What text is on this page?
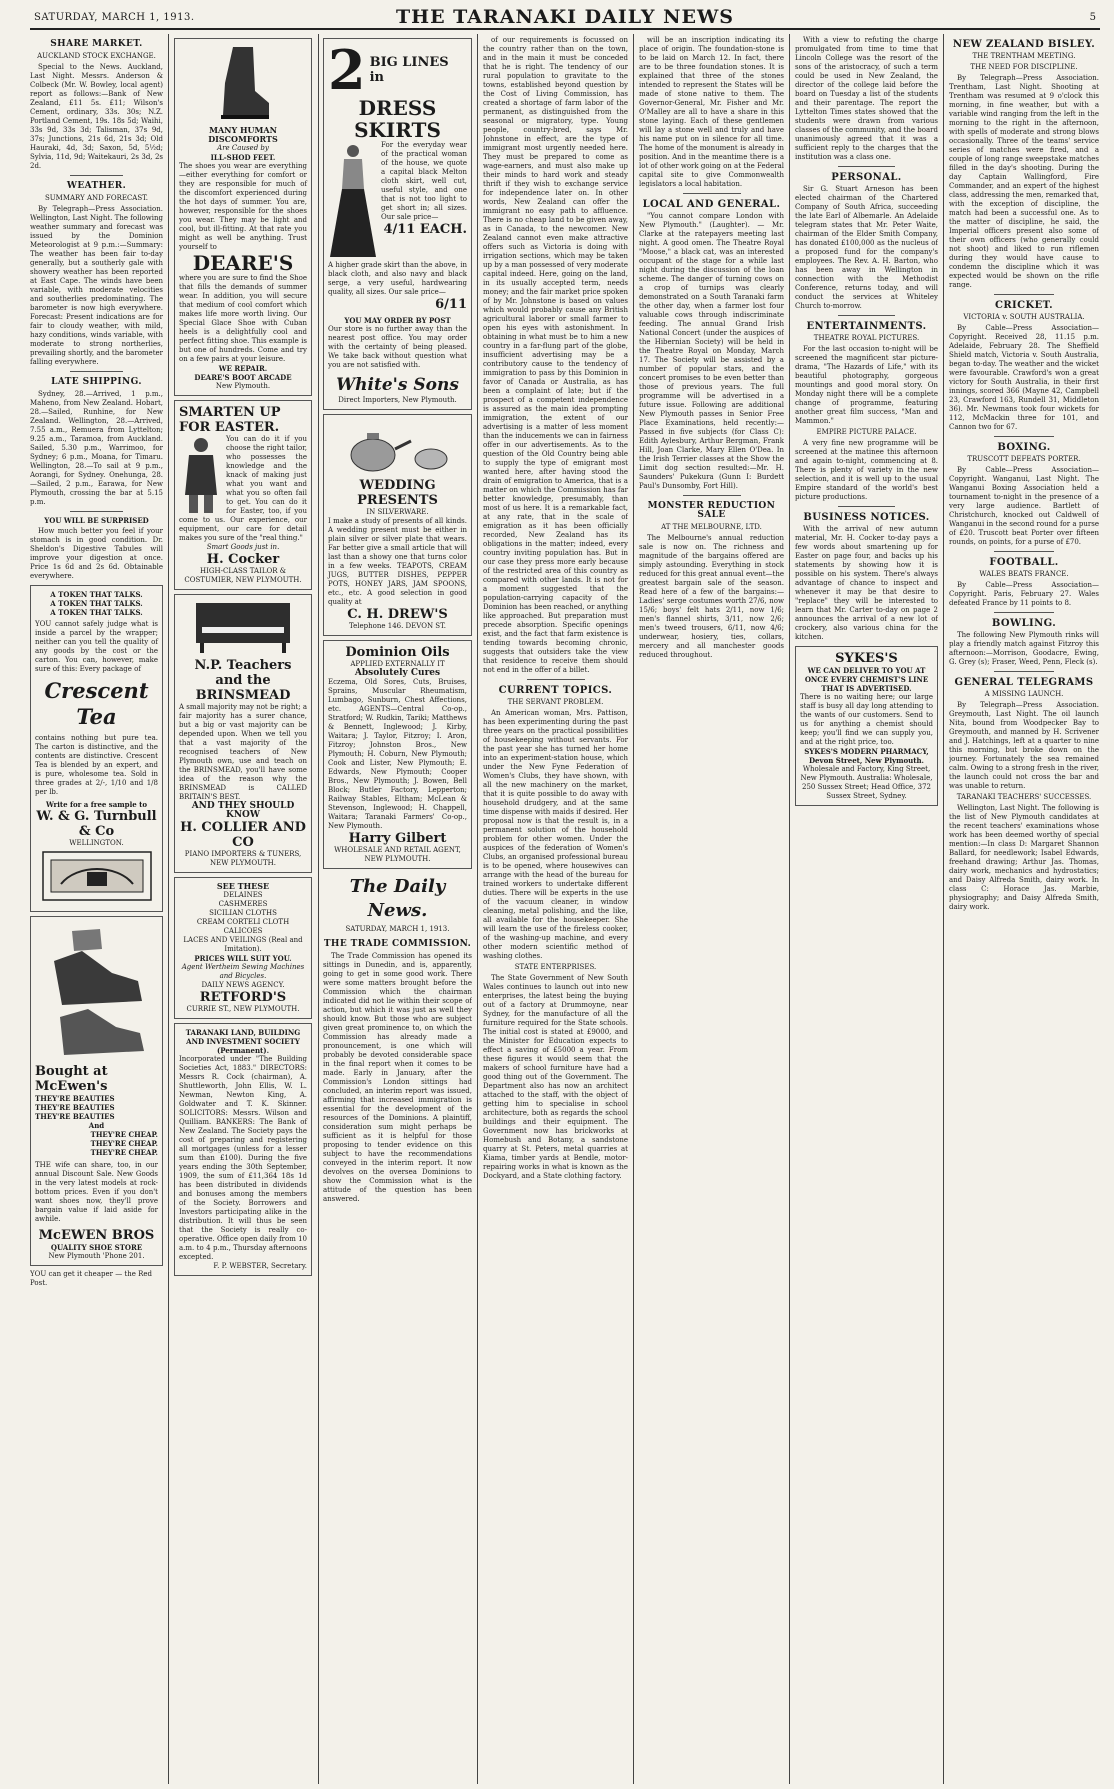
SATURDAY, MARCH 1, 1913.	THE TARANAKI DAILY NEWS	5
SHARE MARKET.
AUCKLAND STOCK EXCHANGE.
Special to the News. Auckland, Last Night. Messrs. Anderson & Colbeck (Mr. W. Bowley, local agent) report as follows:—Bank of New Zealand, £11 5s. £11; Wilson's Cement, ordinary, 33s. 30s; N.Z. Portland Cement, 19s. 18s 5d; Waihi, 33s 9d, 33s 3d; Talisman, 37s 9d, 37s; Junctions, 21s 6d, 21s 3d; Old Hauraki, 4d, 3d; Saxon, 5d, 5½d; Sylvia, 11d, 9d; Waitekauri, 2s 3d, 2s 2d.
WEATHER.
SUMMARY AND FORECAST.
By Telegraph—Press Association. Wellington, Last Night. The following weather summary and forecast was issued by the Dominion Meteorologist at 9 p.m.:—Summary: The weather has been fair to-day generally, but a southerly gale with showery weather has been reported at East Cape. The winds have been variable, with moderate velocities and southerlies predominating. The barometer is now high everywhere. Forecast: Present indications are for fair to cloudy weather, with mild, hazy conditions, winds variable, with moderate to strong northerlies, prevailing shortly, and the barometer falling everywhere.
LATE SHIPPING.
Sydney, 28.—Arrived, 1 p.m., Maheno, from New Zealand. Hobart, 28.—Sailed, Runhine, for New Zealand. Wellington, 28.—Arrived, 7.55 a.m., Remuera from Lyttelton; 9.25 a.m., Taramoa, from Auckland. Sailed, 5.30 p.m., Warrimoo, for Sydney; 6 p.m., Moana, for Timaru. Wellington, 28.—To sail at 9 p.m., Aorangi, for Sydney. Onehunga, 28.—Sailed, 2 p.m., Earawa, for New Plymouth, crossing the bar at 5.15 p.m.
YOU WILL BE SURPRISED
How much better you feel if your stomach is in good condition. Dr. Sheldon's Digestive Tabules will improve your digestion at once. Price 1s 6d and 2s 6d. Obtainable everywhere.
A TOKEN THAT TALKS.
A TOKEN THAT TALKS.
A TOKEN THAT TALKS.
YOU cannot safely judge what is inside a parcel by the wrapper; neither can you tell the quality of any goods by the cost or the carton. You can, however, make sure of this: Every package of
Crescent Tea
contains nothing but pure tea. The carton is distinctive, and the contents are distinctive. Crescent Tea is blended by an expert, and is pure, wholesome tea. Sold in three grades at 2/-, 1/10 and 1/8 per lb.
Write for a free sample to
W. & G. Turnbull & Co
WELLINGTON.
Bought at McEwen's
THEY'RE BEAUTIES
THEY'RE BEAUTIES
THEY'RE BEAUTIES
And
THEY'RE CHEAP.
THEY'RE CHEAP.
THEY'RE CHEAP.
THE wife can share, too, in our annual Discount Sale. New Goods in the very latest models at rock-bottom prices. Even if you don't want shoes now, they'll prove bargain value if laid aside for awhile.
McEWEN BROS
QUALITY SHOE STORE
New Plymouth 'Phone 201.
YOU can get it cheaper — the Red Post.
MANY HUMAN DISCOMFORTS
Are Caused by
ILL-SHOD FEET.
The shoes you wear are everything—either everything for comfort or they are responsible for much of the discomfort experienced during the hot days of summer. You are, however, responsible for the shoes you wear. They may be light and cool, but ill-fitting. At that rate you might as well be anything. Trust yourself to
DEARE'S
where you are sure to find the Shoe that fills the demands of summer wear. In addition, you will secure that medium of cool comfort which makes life more worth living. Our Special Glace Shoe with Cuban heels is a delightfully cool and perfect fitting shoe. This example is but one of hundreds. Come and try on a few pairs at your leisure.
WE REPAIR.
DEARE'S BOOT ARCADE
New Plymouth.
SMARTEN UP FOR EASTER.
You can do it if you choose the right tailor, who possesses the knowledge and the knack of making just what you want and what you so often fail to get. You can do it for Easter, too, if you come to us. Our experience, our equipment, our care for detail makes you sure of the "real thing."
Smart Goods just in.
H. Cocker
HIGH-CLASS TAILOR & COSTUMIER, NEW PLYMOUTH.
N.P. Teachers and the BRINSMEAD
A small majority may not be right; a fair majority has a surer chance, but a big or vast majority can be depended upon. When we tell you that a vast majority of the recognised teachers of New Plymouth own, use and teach on the BRINSMEAD, you'll have some idea of the reason why the BRINSMEAD is CALLED BRITAIN'S BEST.
AND THEY SHOULD KNOW
H. COLLIER AND CO
PIANO IMPORTERS & TUNERS, NEW PLYMOUTH.
SEE THESE
DELAINES
CASHMERES
SICILIAN CLOTHS
CREAM CORTELI CLOTH
CALICOES
LACES AND VEILINGS (Real and Imitation).
PRICES WILL SUIT YOU.
Agent Wertheim Sewing Machines and Bicycles.
DAILY NEWS AGENCY.
RETFORD'S
CURRIE ST., NEW PLYMOUTH.
TARANAKI LAND, BUILDING AND INVESTMENT SOCIETY (Permanent).
Incorporated under "The Building Societies Act, 1883." DIRECTORS: Messrs R. Cock (chairman), A. Shuttleworth, John Ellis, W. L. Newman, Newton King, A. Goldwater and T. K. Skinner. SOLICITORS: Messrs. Wilson and Quilliam. BANKERS: The Bank of New Zealand. The Society pays the cost of preparing and registering all mortgages (unless for a lesser sum than £100). During the five years ending the 30th September, 1909, the sum of £11,364 18s 1d has been distributed in dividends and bonuses among the members of the Society. Borrowers and Investors participating alike in the distribution. It will thus be seen that the Society is really co-operative. Office open daily from 10 a.m. to 4 p.m., Thursday afternoons excepted.
F. P. WEBSTER, Secretary.
2 BIG LINES in
DRESS SKIRTS
For the everyday wear of the practical woman of the house, we quote a capital black Melton cloth skirt, well cut, useful style, and one that is not too light to get short in; all sizes. Our sale price—
4/11 EACH.
A higher grade skirt than the above, in black cloth, and also navy and black serge, a very useful, hardwearing quality, all sizes. Our sale price—
6/11
YOU MAY ORDER BY POST
Our store is no further away than the nearest post office. You may order with the certainty of being pleased. We take back without question what you are not satisfied with.
White's Sons
Direct Importers, New Plymouth.
WEDDING PRESENTS
IN SILVERWARE.
I make a study of presents of all kinds. A wedding present must be either in plain silver or silver plate that wears. Far better give a small article that will last than a showy one that turns color in a few weeks. TEAPOTS, CREAM JUGS, BUTTER DISHES, PEPPER POTS, HONEY JARS, JAM SPOONS, etc., etc. A good selection in good quality at
C. H. DREW'S
Telephone 146. DEVON ST.
Dominion Oils
APPLIED EXTERNALLY IT
Absolutely Cures
Eczema, Old Sores, Cuts, Bruises, Sprains, Muscular Rheumatism, Lumbago, Sunburn, Chest Affections, etc. AGENTS—Central Co-op., Stratford; W. Rudkin, Tariki; Matthews & Bennett, Inglewood; J. Kirby, Waitara; J. Taylor, Fitzroy; I. Aron, Fitzroy; Johnston Bros., New Plymouth; H. Coburn, New Plymouth; Cook and Lister, New Plymouth; E. Edwards, New Plymouth; Cooper Bros., New Plymouth; J. Bowen, Bell Block; Butler Factory, Lepperton; Railway Stables, Eltham; McLean & Stevenson, Inglewood; H. Chappell, Waitara; Taranaki Farmers' Co-op., New Plymouth.
Harry Gilbert
WHOLESALE AND RETAIL AGENT, NEW PLYMOUTH.
The Daily News.
SATURDAY, MARCH 1, 1913.
THE TRADE COMMISSION.
The Trade Commission has opened its sittings in Dunedin, and is, apparently, going to get in some good work. There were some matters brought before the Commission which the chairman indicated did not lie within their scope of action, but which it was just as well they should know. But those who are subject given great prominence to, on which the Commission has already made a pronouncement, is one which will probably be devoted considerable space in the final report when it comes to be made. Early in January, after the Commission's London sittings had concluded, an interim report was issued, affirming that increased immigration is essential for the development of the resources of the Dominions. A plaintiff, consideration sum might perhaps be sufficient as it is helpful for those proposing to tender evidence on this subject to have the recommendations conveyed in the interim report. It now devolves on the oversea Dominions to show the Commission what is the attitude of the question has been answered.
of our requirements is focussed on the country rather than on the town, and in the main it must be conceded that he is right. The tendency of our rural population to gravitate to the towns, established beyond question by the Cost of Living Commission, has created a shortage of farm labor of the permanent, as distinguished from the seasonal or migratory, type. Young people, country-bred, says Mr. Johnstone in effect, are the type of immigrant most urgently needed here. They must be prepared to come as wage-earners, and must also make up their minds to hard work and steady thrift if they wish to exchange service for independence later on. In other words, New Zealand can offer the immigrant no easy path to affluence. There is no cheap land to be given away, as in Canada, to the newcomer. New Zealand cannot even make attractive offers such as Victoria is doing with irrigation sections, which may be taken up by a man possessed of very moderate capital indeed. Here, going on the land, in its usually accepted term, needs money; and the fair market price spoken of by Mr. Johnstone is based on values which would probably cause any British agricultural laborer or small farmer to open his eyes with astonishment. In obtaining in what must be to him a new country in a far-flung part of the globe, insufficient advertising may be a contributory cause to the tendency of immigration to pass by this Dominion in favor of Canada or Australia, as has been a complaint of late; but if the prospect of a competent independence is assured as the main idea prompting immigration, the extent of our advertising is a matter of less moment than the inducements we can in fairness offer in our advertisements. As to the question of the Old Country being able to supply the type of emigrant most wanted here, after having stood the drain of emigration to America, that is a matter on which the Commission has far better knowledge, presumably, than most of us here. It is a remarkable fact, at any rate, that in the scale of emigration as it has been officially recorded, New Zealand has its obligations in the matter; indeed, every country inviting population has. But in our case they press more early because of the restricted area of this country as compared with other lands. It is not for a moment suggested that the population-carrying capacity of the Dominion has been reached, or anything like approached. But preparation must precede absorption. Specific openings exist, and the fact that farm existence is tending towards becoming chronic, suggests that outsiders take the view that residence to receive them should not end in the offer of a billet.
CURRENT TOPICS.
THE SERVANT PROBLEM.
An American woman, Mrs. Pattison, has been experimenting during the past three years on the practical possibilities of housekeeping without servants. For the past year she has turned her home into an experiment-station house, which under the New Fyne Federation of Women's Clubs, they have shown, with all the new machinery on the market, that it is quite possible to do away with household drudgery, and at the same time dispense with maids if desired. Her proposal now is that the result is, in a permanent solution of the household problem for other women. Under the auspices of the federation of Women's Clubs, an organised professional bureau is to be opened, where housewives can arrange with the head of the bureau for trained workers to undertake different duties. There will be experts in the use of the vacuum cleaner, in window cleaning, metal polishing, and the like, all available for the housekeeper. She will learn the use of the fireless cooker, of the washing-up machine, and every other modern scientific method of washing clothes.
STATE ENTERPRISES.
The State Government of New South Wales continues to launch out into new enterprises, the latest being the buying out of a factory at Drummoyne, near Sydney, for the manufacture of all the furniture required for the State schools. The initial cost is stated at £9000, and the Minister for Education expects to effect a saving of £5000 a year. From these figures it would seem that the makers of school furniture have had a good thing out of the Government. The Department also has now an architect attached to the staff, with the object of getting him to specialise in school architecture, both as regards the school buildings and their equipment. The Government now has brickworks at Homebush and Botany, a sandstone quarry at St. Peters, metal quarries at Kiama, timber yards at Bendle, motor-repairing works in what is known as the Dockyard, and a State clothing factory.
will be an inscription indicating its place of origin. The foundation-stone is to be laid on March 12. In fact, there are to be three foundation stones. It is explained that three of the stones intended to represent the States will be made of stone native to them. The Governor-General, Mr. Fisher and Mr. O'Malley are all to have a share in this stone laying. Each of these gentlemen will lay a stone well and truly and have his name put on in silence for all time. The home of the monument is already in position. And in the meantime there is a lot of other work going on at the Federal capital site to give Commonwealth legislators a local habitation.
LOCAL AND GENERAL.
"You cannot compare London with New Plymouth." (Laughter). — Mr. Clarke at the ratepayers meeting last night. A good omen. The Theatre Royal "Moose," a black cat, was an interested occupant of the stage for a while last night during the discussion of the loan scheme. The danger of turning cows on a crop of turnips was clearly demonstrated on a South Taranaki farm the other day, when a farmer lost four valuable cows through indiscriminate feeding. The annual Grand Irish National Concert (under the auspices of the Hibernian Society) will be held in the Theatre Royal on Monday, March 17. The Society will be assisted by a number of popular stars, and the concert promises to be even better than those of previous years. The full programme will be advertised in a future issue. Following are additional New Plymouth passes in Senior Free Place Examinations, held recently:—Passed in five subjects (for Class C): Edith Aylesbury, Arthur Bergman, Frank Hill, Joan Clarke, Mary Ellen O'Dea. In the Irish Terrier classes at the Show the Limit dog section resulted:—Mr. H. Saunders' Pukekura (Gunn I: Burdett Paul's Dunsomby, Fort Hill).
MONSTER REDUCTION SALE
AT THE MELBOURNE, LTD.
The Melbourne's annual reduction sale is now on. The richness and magnitude of the bargains offered are simply astounding. Everything in stock reduced for this great annual event—the greatest bargain sale of the season. Read here of a few of the bargains:—Ladies' serge costumes worth 27/6, now 15/6; boys' felt hats 2/11, now 1/6; men's flannel shirts, 3/11, now 2/6; men's tweed trousers, 6/11, now 4/6; underwear, hosiery, ties, collars, mercery and all manchester goods reduced throughout.
With a view to refuting the charge promulgated from time to time that Lincoln College was the resort of the sons of the aristocracy, of such a term could be used in New Zealand, the director of the college laid before the board on Tuesday a list of the students and their parentage. The report the Lyttelton Times states showed that the students were drawn from various classes of the community, and the board unanimously agreed that it was a sufficient reply to the charges that the institution was a class one.
PERSONAL.
Sir G. Stuart Arneson has been elected chairman of the Chartered Company of South Africa, succeeding the late Earl of Albemarle. An Adelaide telegram states that Mr. Peter Waite, chairman of the Elder Smith Company, has donated £100,000 as the nucleus of a proposed fund for the company's employees. The Rev. A. H. Barton, who has been away in Wellington in connection with the Methodist Conference, returns today, and will conduct the services at Whiteley Church to-morrow.
ENTERTAINMENTS.
THEATRE ROYAL PICTURES.
For the last occasion to-night will be screened the magnificent star picture-drama, "The Hazards of Life," with its beautiful photography, gorgeous mountings and good moral story. On Monday night there will be a complete change of programme, featuring another great film success, "Man and Mammon."
EMPIRE PICTURE PALACE.
A very fine new programme will be screened at the matinee this afternoon and again to-night, commencing at 8. There is plenty of variety in the new selection, and it is well up to the usual Empire standard of the world's best picture productions.
BUSINESS NOTICES.
With the arrival of new autumn material, Mr. H. Cocker to-day pays a few words about smartening up for Easter on page four, and backs up his statements by showing how it is possible on his system. There's always advantage of chance to inspect and whenever it may be that desire to "replace" they will be interested to learn that Mr. Carter to-day on page 2 announces the arrival of a new lot of crockery, also various china for the kitchen.
SYKES'S
WE CAN DELIVER TO YOU AT ONCE EVERY CHEMIST'S LINE THAT IS ADVERTISED.
There is no waiting here; our large staff is busy all day long attending to the wants of our customers. Send to us for anything a chemist should keep; you'll find we can supply you, and at the right price, too.
SYKES'S MODERN PHARMACY, Devon Street, New Plymouth.
Wholesale and Factory, King Street, New Plymouth. Australia: Wholesale, 250 Sussex Street; Head Office, 372 Sussex Street, Sydney.
NEW ZEALAND BISLEY.
THE TRENTHAM MEETING.
THE NEED FOR DISCIPLINE.
By Telegraph—Press Association. Trentham, Last Night. Shooting at Trentham was resumed at 9 o'clock this morning, in fine weather, but with a variable wind ranging from the left in the morning to the right in the afternoon, with spells of moderate and strong blows occasionally. Three of the teams' service series of matches were fired, and a couple of long range sweepstake matches filled in the day's shooting. During the day Captain Wallingford, Fire Commander, and an expert of the highest class, addressing the men, remarked that, with the exception of discipline, the match had been a successful one. As to the matter of discipline, he said, the Imperial officers present also some of their own officers (who generally could not shoot) and liked to run riflemen during they would have cause to condemn the discipline which it was expected would be shown on the rifle range.
CRICKET.
VICTORIA v. SOUTH AUSTRALIA.
By Cable—Press Association—Copyright. Received 28, 11.15 p.m. Adelaide, February 28. The Sheffield Shield match, Victoria v. South Australia, began to-day. The weather and the wicket were favourable. Crawford's won a great victory for South Australia, in their first innings, scored 366 (Mayne 42, Campbell 23, Crawford 163, Rundell 31, Middleton 36). Mr. Newmans took four wickets for 112, McMackin three for 101, and Cannon two for 67.
BOXING.
TRUSCOTT DEFEATS PORTER.
By Cable—Press Association—Copyright. Wanganui, Last Night. The Wanganui Boxing Association held a tournament to-night in the presence of a very large audience. Bartlett of Christchurch, knocked out Caldwell of Wanganui in the second round for a purse of £20. Truscott beat Porter over fifteen rounds, on points, for a purse of £70.
FOOTBALL.
WALES BEATS FRANCE.
By Cable—Press Association—Copyright. Paris, February 27. Wales defeated France by 11 points to 8.
BOWLING.
The following New Plymouth rinks will play a friendly match against Fitzroy this afternoon:—Morrison, Goodacre, Ewing, G. Grey (s); Fraser, Weed, Penn, Fleck (s).
GENERAL TELEGRAMS
A MISSING LAUNCH.
By Telegraph—Press Association. Greymouth, Last Night. The oil launch Nita, bound from Woodpecker Bay to Greymouth, and manned by H. Scrivener and J. Hatchings, left at a quarter to nine this morning, but broke down on the journey. Fortunately the sea remained calm. Owing to a strong fresh in the river, the launch could not cross the bar and was unable to return.
TARANAKI TEACHERS' SUCCESSES.
Wellington, Last Night. The following is the list of New Plymouth candidates at the recent teachers' examinations whose work has been deemed worthy of special mention:—In class D: Margaret Shannon Ballard, for needlework; Isabel Edwards, freehand drawing; Arthur Jas. Thomas, dairy work, mechanics and hydrostatics; and Daisy Alfreda Smith, dairy work. In class C: Horace Jas. Marbie, physiography; and Daisy Alfreda Smith, dairy work.
